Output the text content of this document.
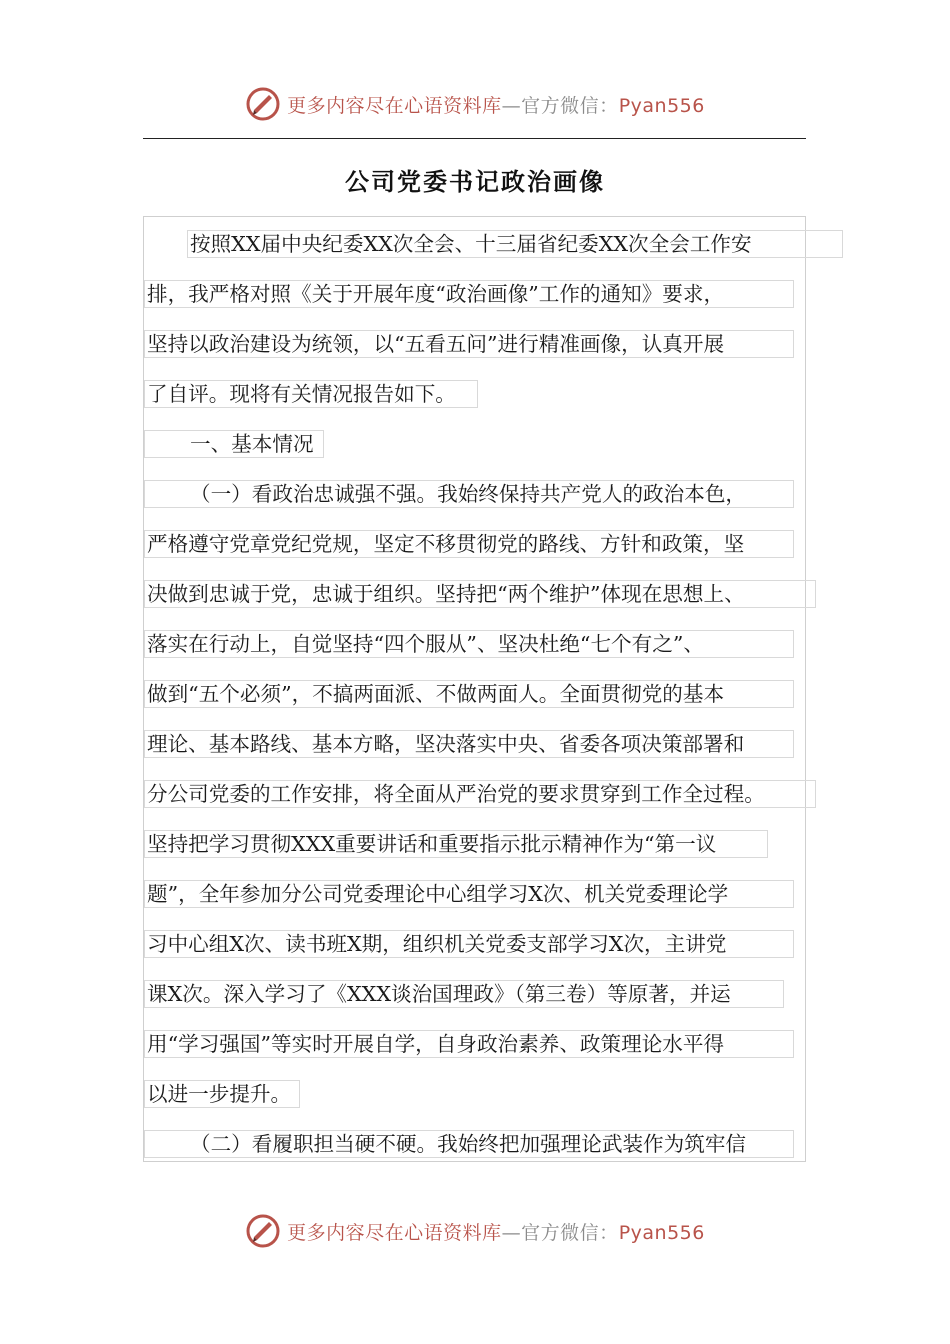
更多内容尽在心语资料库—官方微信：Pyan556
公司党委书记政治画像
按照XX届中央纪委XX次全会、十三届省纪委XX次全会工作安
排，我严格对照《关于开展年度“政治画像”工作的通知》要求，
坚持以政治建设为统领，以“五看五问”进行精准画像，认真开展
了自评。现将有关情况报告如下。
一、基本情况
（一）看政治忠诚强不强。我始终保持共产党人的政治本色，
严格遵守党章党纪党规，坚定不移贯彻党的路线、方针和政策，坚
决做到忠诚于党，忠诚于组织。坚持把“两个维护”体现在思想上、
落实在行动上，自觉坚持“四个服从”、坚决杜绝“七个有之”、
做到“五个必须”，不搞两面派、不做两面人。全面贯彻党的基本
理论、基本路线、基本方略，坚决落实中央、省委各项决策部署和
分公司党委的工作安排，将全面从严治党的要求贯穿到工作全过程。
坚持把学习贯彻XXX重要讲话和重要指示批示精神作为“第一议
题”，全年参加分公司党委理论中心组学习X次、机关党委理论学
习中心组X次、读书班X期，组织机关党委支部学习X次，主讲党
课X次。深入学习了《XXX谈治国理政》（第三卷）等原著，并运
用“学习强国”等实时开展自学，自身政治素养、政策理论水平得
以进一步提升。
（二）看履职担当硬不硬。我始终把加强理论武装作为筑牢信
更多内容尽在心语资料库—官方微信：Pyan556
